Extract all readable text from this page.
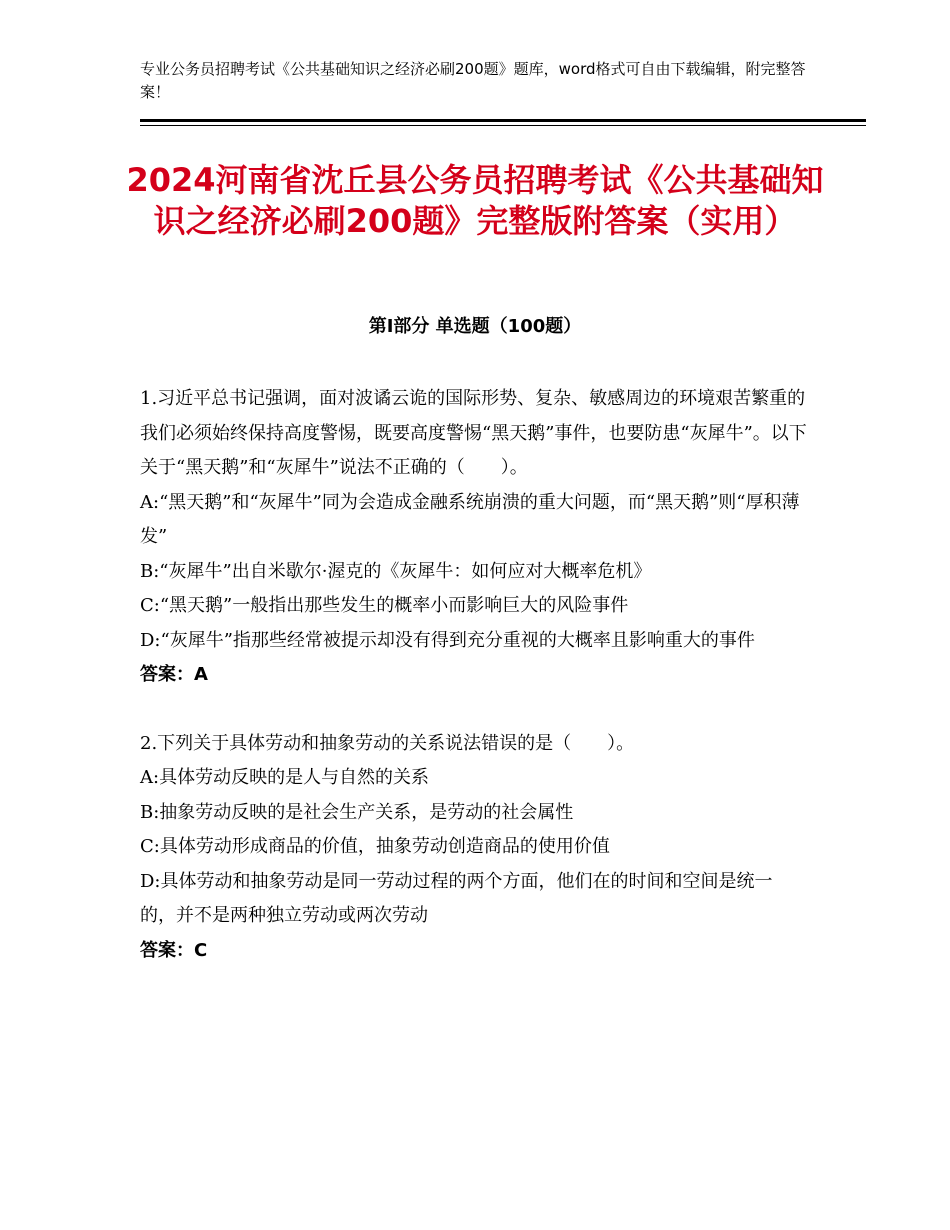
专业公务员招聘考试《公共基础知识之经济必刷200题》题库，word格式可自由下载编辑，附完整答案！
2024河南省沈丘县公务员招聘考试《公共基础知识之经济必刷200题》完整版附答案（实用）
第I部分 单选题（100题）
1.习近平总书记强调，面对波谲云诡的国际形势、复杂、敏感周边的环境艰苦繁重的我们必须始终保持高度警惕，既要高度警惕“黑天鹅”事件，也要防患“灰犀牛”。以下关于“黑天鹅”和“灰犀牛”说法不正确的（　　）。
A:“黑天鹅”和“灰犀牛”同为会造成金融系统崩溃的重大问题，而“黑天鹅”则“厚积薄发”
B:“灰犀牛”出自米歇尔·渥克的《灰犀牛：如何应对大概率危机》
C:“黑天鹅”一般指出那些发生的概率小而影响巨大的风险事件
D:“灰犀牛”指那些经常被提示却没有得到充分重视的大概率且影响重大的事件
答案：A
2.下列关于具体劳动和抽象劳动的关系说法错误的是（　　）。
A:具体劳动反映的是人与自然的关系
B:抽象劳动反映的是社会生产关系，是劳动的社会属性
C:具体劳动形成商品的价值，抽象劳动创造商品的使用价值
D:具体劳动和抽象劳动是同一劳动过程的两个方面，他们在的时间和空间是统一的，并不是两种独立劳动或两次劳动
答案：C
